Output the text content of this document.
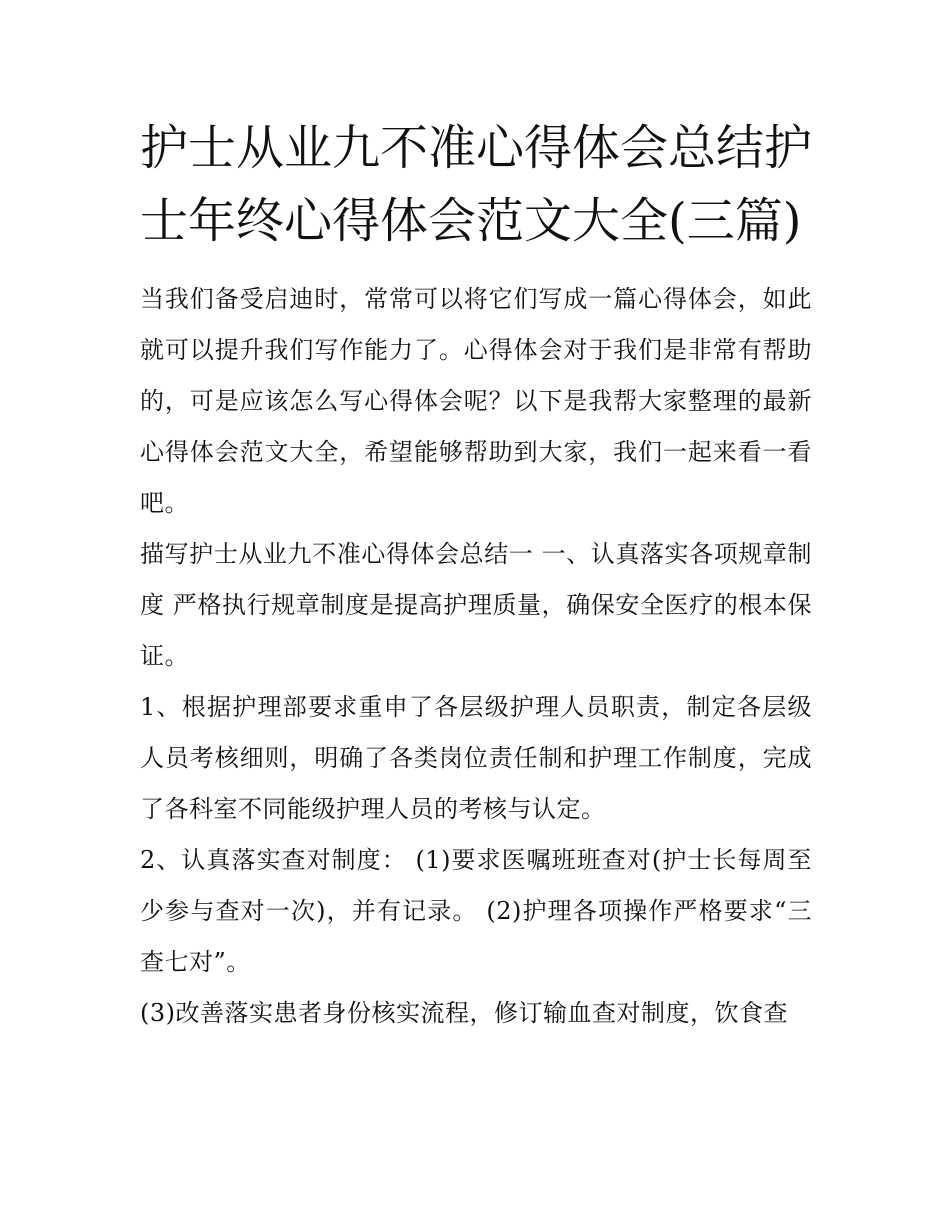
护士从业九不准心得体会总结护士年终心得体会范文大全(三篇)

当我们备受启迪时，常常可以将它们写成一篇心得体会，如此就可以提升我们写作能力了。心得体会对于我们是非常有帮助的，可是应该怎么写心得体会呢？以下是我帮大家整理的最新心得体会范文大全，希望能够帮助到大家，我们一起来看一看吧。

描写护士从业九不准心得体会总结一 一、认真落实各项规章制度 严格执行规章制度是提高护理质量，确保安全医疗的根本保证。

1、根据护理部要求重申了各层级护理人员职责，制定各层级人员考核细则，明确了各类岗位责任制和护理工作制度，完成了各科室不同能级护理人员的考核与认定。

2、认真落实查对制度： (1)要求医嘱班班查对(护士长每周至少参与查对一次)，并有记录。 (2)护理各项操作严格要求“三查七对”。

(3)改善落实患者身份核实流程，修订输血查对制度，饮食查
